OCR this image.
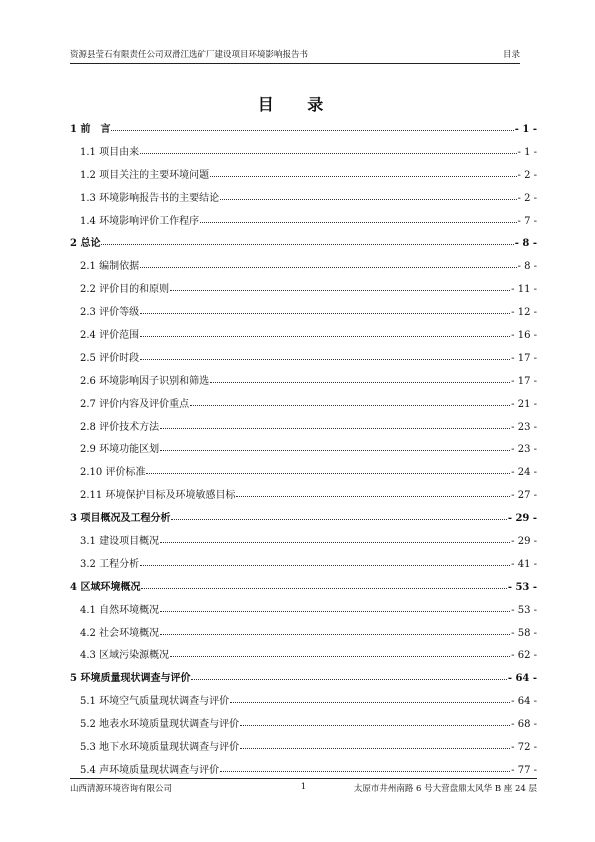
资源县莹石有限责任公司双滑江选矿厂建设项目环境影响报告书	目录
目 录
1 前　言	- 1 -
1.1 项目由来	- 1 -
1.2 项目关注的主要环境问题	- 2 -
1.3 环境影响报告书的主要结论	- 2 -
1.4 环境影响评价工作程序	- 7 -
2 总论	- 8 -
2.1 编制依据	- 8 -
2.2 评价目的和原则	- 11 -
2.3 评价等级	- 12 -
2.4 评价范围	- 16 -
2.5 评价时段	- 17 -
2.6 环境影响因子识别和筛选	- 17 -
2.7 评价内容及评价重点	- 21 -
2.8 评价技术方法	- 23 -
2.9 环境功能区划	- 23 -
2.10 评价标准	- 24 -
2.11 环境保护目标及环境敏感目标	- 27 -
3 项目概况及工程分析	- 29 -
3.1 建设项目概况	- 29 -
3.2 工程分析	- 41 -
4 区域环境概况	- 53 -
4.1 自然环境概况	- 53 -
4.2 社会环境概况	- 58 -
4.3 区域污染源概况	- 62 -
5 环境质量现状调查与评价	- 64 -
5.1 环境空气质量现状调查与评价	- 64 -
5.2 地表水环境质量现状调查与评价	- 68 -
5.3 地下水环境质量现状调查与评价	- 72 -
5.4 声环境质量现状调查与评价	- 77 -
山西清源环境咨询有限公司	1	太原市井州南路 6 号大营盘鼎太风华 B 座 24 层
